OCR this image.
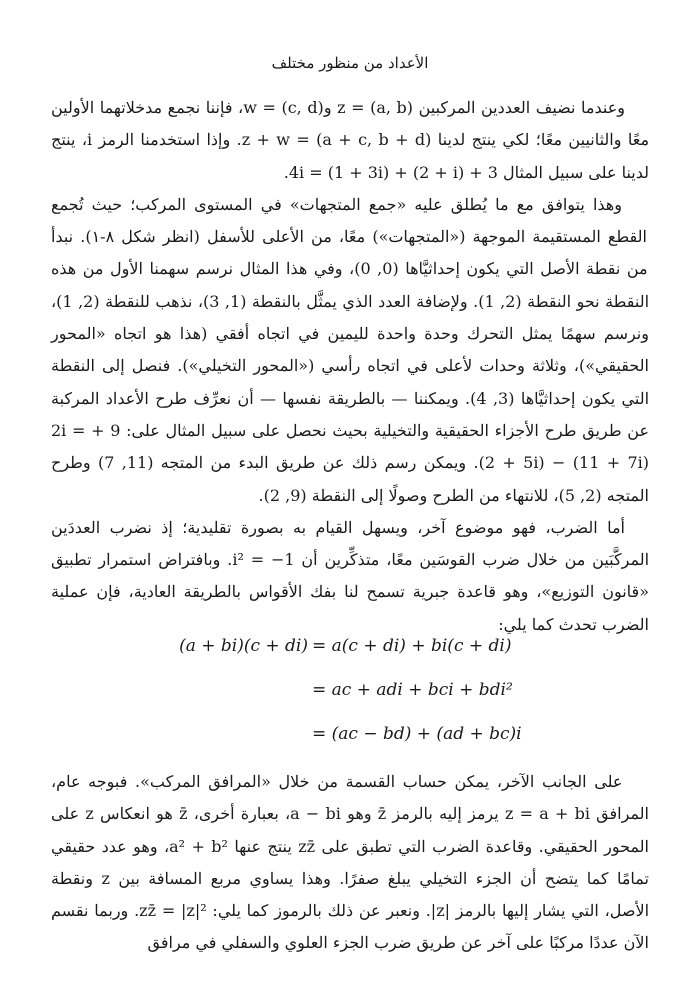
الأعداد من منظور مختلف

وعندما نضيف العددين المركبين z = (a, b) وw = (c, d)، فإننا نجمع مدخلاتهما الأولين معًا والثانيين معًا؛ لكي ينتج لدينا z + w = (a + c, b + d). وإذا استخدمنا الرمز i، ينتج لدينا على سبيل المثال 3 + 4i = (1 + 3i) + (2 + i).

وهذا يتوافق مع ما يُطلق عليه «جمع المتجهات» في المستوى المركب؛ حيث تُجمع القطع المستقيمة الموجهة («المتجهات») معًا، من الأعلى للأسفل (انظر شكل ٨-١). نبدأ من نقطة الأصل التي يكون إحداثيَّاها (0, 0)، وفي هذا المثال نرسم سهمنا الأول من هذه النقطة نحو النقطة (2, 1). ولإضافة العدد الذي يمثَّل بالنقطة (1, 3)، نذهب للنقطة (2, 1)، ونرسم سهمًا يمثل التحرك وحدة واحدة لليمين في اتجاه أفقي (هذا هو اتجاه «المحور الحقيقي»)، وثلاثة وحدات لأعلى في اتجاه رأسي («المحور التخيلي»). فنصل إلى النقطة التي يكون إحداثيَّاها (3, 4). ويمكننا — بالطريقة نفسها — أن نعرِّف طرح الأعداد المركبة عن طريق طرح الأجزاء الحقيقية والتخيلية بحيث نحصل على سبيل المثال على: 9 + 2i = (2 + 5i) − (11 + 7i). ويمكن رسم ذلك عن طريق البدء من المتجه (11, 7) وطرح المتجه (2, 5)، للانتهاء من الطرح وصولًا إلى النقطة (9, 2).

أما الضرب، فهو موضوع آخر، ويسهل القيام به بصورة تقليدية؛ إذ نضرب العددَين المركَّبَين من خلال ضرب القوسَين معًا، متذكِّرين أن i² = −1. وبافتراض استمرار تطبيق «قانون التوزيع»، وهو قاعدة جبرية تسمح لنا بفك الأقواس بالطريقة العادية، فإن عملية الضرب تحدث كما يلي:

(a + bi)(c + di) = a(c + di) + bi(c + di)
= ac + adi + bci + bdi²
= (ac − bd) + (ad + bc)i

على الجانب الآخر، يمكن حساب القسمة من خلال «المرافق المركب». فبوجه عام، المرافق z = a + bi يرمز إليه بالرمز z̄ وهو a − bi، بعبارة أخرى، z̄ هو انعكاس z على المحور الحقيقي. وقاعدة الضرب التي تطبق على zz̄ ينتج عنها a² + b²، وهو عدد حقيقي تمامًا كما يتضح أن الجزء التخيلي يبلغ صفرًا. وهذا يساوي مربع المسافة بين z ونقطة الأصل، التي يشار إليها بالرمز |z|. ونعبر عن ذلك بالرموز كما يلي: zz̄ = |z|². وربما نقسم الآن عددًا مركبًا على آخر عن طريق ضرب الجزء العلوي والسفلي في مرافق
